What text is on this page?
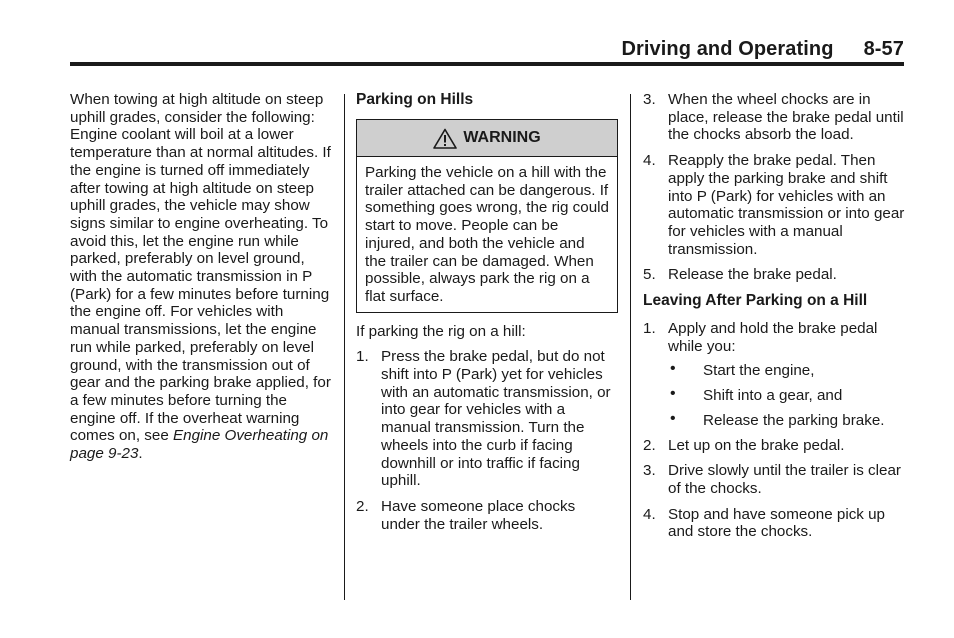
Driving and Operating 8-57

When towing at high altitude on steep uphill grades, consider the following: Engine coolant will boil at a lower temperature than at normal altitudes. If the engine is turned off immediately after towing at high altitude on steep uphill grades, the vehicle may show signs similar to engine overheating. To avoid this, let the engine run while parked, preferably on level ground, with the automatic transmission in P (Park) for a few minutes before turning the engine off. For vehicles with manual transmissions, let the engine run while parked, preferably on level ground, with the transmission out of gear and the parking brake applied, for a few minutes before turning the engine off. If the overheat warning comes on, see Engine Overheating on page 9-23.

Parking on Hills
WARNING
Parking the vehicle on a hill with the trailer attached can be dangerous. If something goes wrong, the rig could start to move. People can be injured, and both the vehicle and the trailer can be damaged. When possible, always park the rig on a flat surface.

If parking the rig on a hill:

1. Press the brake pedal, but do not shift into P (Park) yet for vehicles with an automatic transmission, or into gear for vehicles with a manual transmission. Turn the wheels into the curb if facing downhill or into traffic if facing uphill.
2. Have someone place chocks under the trailer wheels.
3. When the wheel chocks are in place, release the brake pedal until the chocks absorb the load.
4. Reapply the brake pedal. Then apply the parking brake and shift into P (Park) for vehicles with an automatic transmission or into gear for vehicles with a manual transmission.
5. Release the brake pedal.
Leaving After Parking on a Hill
1. Apply and hold the brake pedal while you:
• Start the engine,
• Shift into a gear, and
• Release the parking brake.
2. Let up on the brake pedal.
3. Drive slowly until the trailer is clear of the chocks.
4. Stop and have someone pick up and store the chocks.
